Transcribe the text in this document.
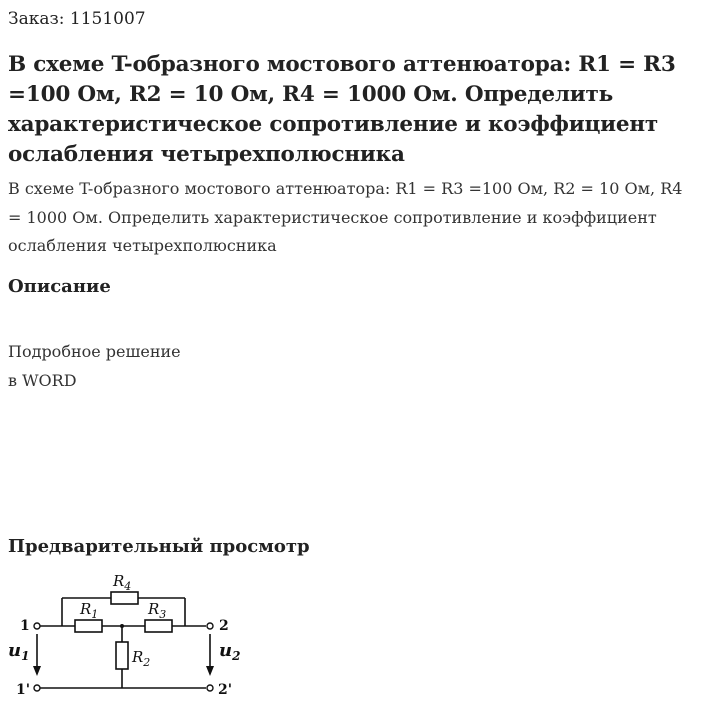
Заказ: 1151007
В схеме T-образного мостового аттенюатора: R1 = R3 =100 Ом, R2 = 10 Ом, R4 = 1000 Ом. Определить характеристическое сопротивление и коэффициент ослабления четырехполюсника
В схеме T-образного мостового аттенюатора: R1 = R3 =100 Ом, R2 = 10 Ом, R4 = 1000 Ом. Определить характеристическое сопротивление и коэффициент ослабления четырехполюсника
Описание
Подробное решение
в WORD
Предварительный просмотр
$R_4$
$R_1$	$R_3$
$R_2$
1	2
1'	2'
$u_1$	$u_2$
